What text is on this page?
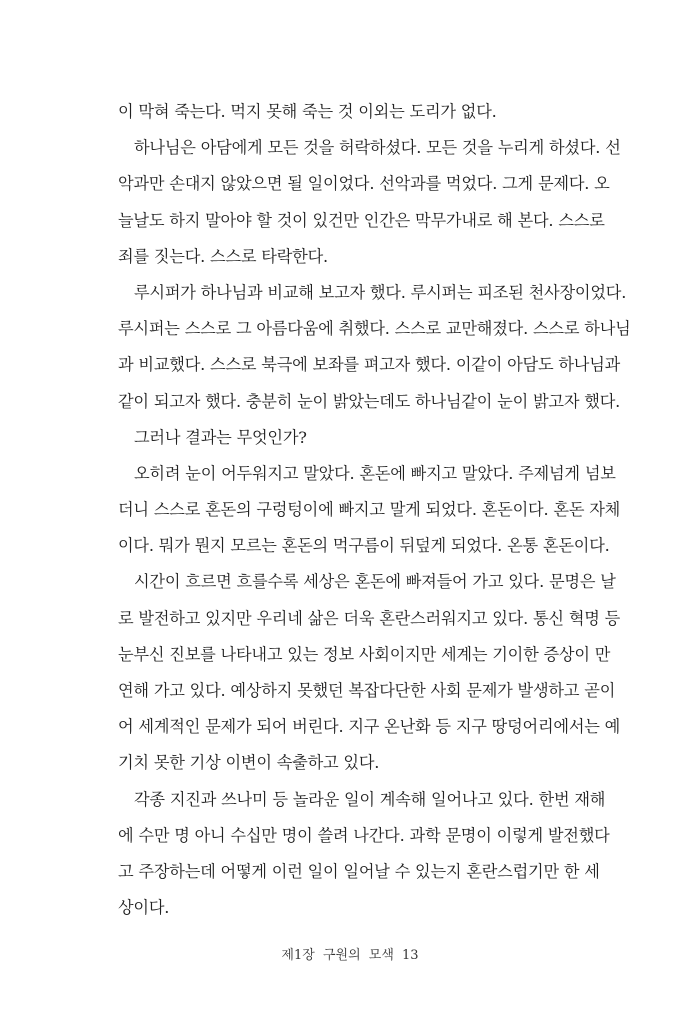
이 막혀 죽는다. 먹지 못해 죽는 것 이외는 도리가 없다.
하나님은 아담에게 모든 것을 허락하셨다. 모든 것을 누리게 하셨다. 선
악과만 손대지 않았으면 될 일이었다. 선악과를 먹었다. 그게 문제다. 오
늘날도 하지 말아야 할 것이 있건만 인간은 막무가내로 해 본다. 스스로
죄를 짓는다. 스스로 타락한다.
루시퍼가 하나님과 비교해 보고자 했다. 루시퍼는 피조된 천사장이었다.
루시퍼는 스스로 그 아름다움에 취했다. 스스로 교만해졌다. 스스로 하나님
과 비교했다. 스스로 북극에 보좌를 펴고자 했다. 이같이 아담도 하나님과
같이 되고자 했다. 충분히 눈이 밝았는데도 하나님같이 눈이 밝고자 했다.
그러나 결과는 무엇인가?
오히려 눈이 어두워지고 말았다. 혼돈에 빠지고 말았다. 주제넘게 넘보
더니 스스로 혼돈의 구렁텅이에 빠지고 말게 되었다. 혼돈이다. 혼돈 자체
이다. 뭐가 뭔지 모르는 혼돈의 먹구름이 뒤덮게 되었다. 온통 혼돈이다.
시간이 흐르면 흐를수록 세상은 혼돈에 빠져들어 가고 있다. 문명은 날
로 발전하고 있지만 우리네 삶은 더욱 혼란스러워지고 있다. 통신 혁명 등
눈부신 진보를 나타내고 있는 정보 사회이지만 세계는 기이한 증상이 만
연해 가고 있다. 예상하지 못했던 복잡다단한 사회 문제가 발생하고 곧이
어 세계적인 문제가 되어 버린다. 지구 온난화 등 지구 땅덩어리에서는 예
기치 못한 기상 이변이 속출하고 있다.
각종 지진과 쓰나미 등 놀라운 일이 계속해 일어나고 있다. 한번 재해
에 수만 명 아니 수십만 명이 쓸려 나간다. 과학 문명이 이렇게 발전했다
고 주장하는데 어떻게 이런 일이 일어날 수 있는지 혼란스럽기만 한 세
상이다.
제1장 구원의 모색 13
